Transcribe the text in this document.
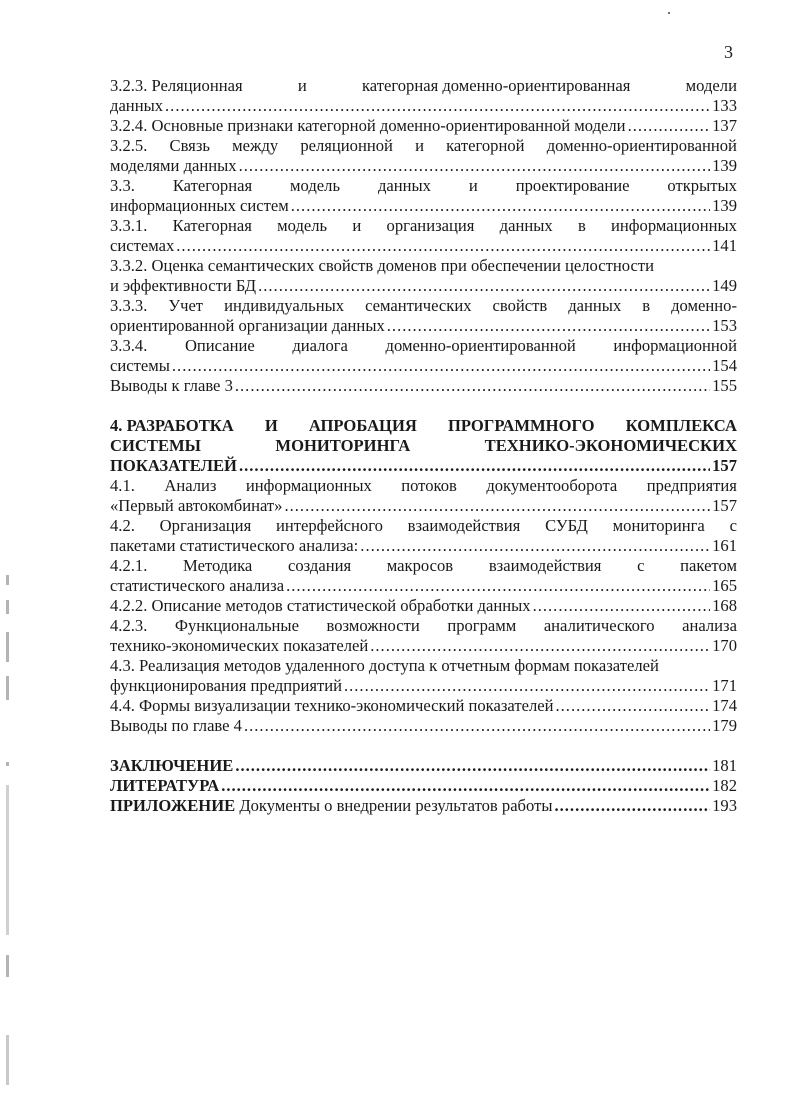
3
3.2.3. Реляционная	и	категорная доменно-ориентированная	модели
данных .....	133
3.2.4. Основные признаки категорной доменно-ориентированной модели .....	137
3.2.5. Связь между реляционной и категорной доменно-ориентированной
моделями данных .....	139
3.3. Категорная модель данных и проектирование открытых
информационных систем .....	139
3.3.1. Категорная модель и организация данных в информационных
системах .....	141
3.3.2. Оценка семантических свойств доменов при обеспечении целостности
и эффективности БД .....	149
3.3.3. Учет индивидуальных семантических свойств данных в доменно-
ориентированной организации данных .....	153
3.3.4. Описание диалога доменно-ориентированной информационной
системы .....	154
Выводы к главе 3 .....	155
4. РАЗРАБОТКА И АПРОБАЦИЯ ПРОГРАММНОГО КОМПЛЕКСА
СИСТЕМЫ	МОНИТОРИНГА	ТЕХНИКО-ЭКОНОМИЧЕСКИХ
ПОКАЗАТЕЛЕЙ .....	157
4.1. Анализ информационных потоков документооборота предприятия
«Первый автокомбинат» .....	157
4.2. Организация интерфейсного взаимодействия СУБД мониторинга с
пакетами статистического анализа: .....	161
4.2.1. Методика создания макросов взаимодействия с пакетом
статистического анализа .....	165
4.2.2. Описание методов статистической обработки данных .....	168
4.2.3. Функциональные возможности программ аналитического анализа
технико-экономических показателей .....	170
4.3. Реализация методов удаленного доступа к отчетным формам показателей
функционирования предприятий .....	171
4.4. Формы визуализации технико-экономический показателей .....	174
Выводы по главе 4 .....	179
ЗАКЛЮЧЕНИЕ .....	181
ЛИТЕРАТУРА .....	182
ПРИЛОЖЕНИЕ Документы о внедрении результатов работы .....	193
